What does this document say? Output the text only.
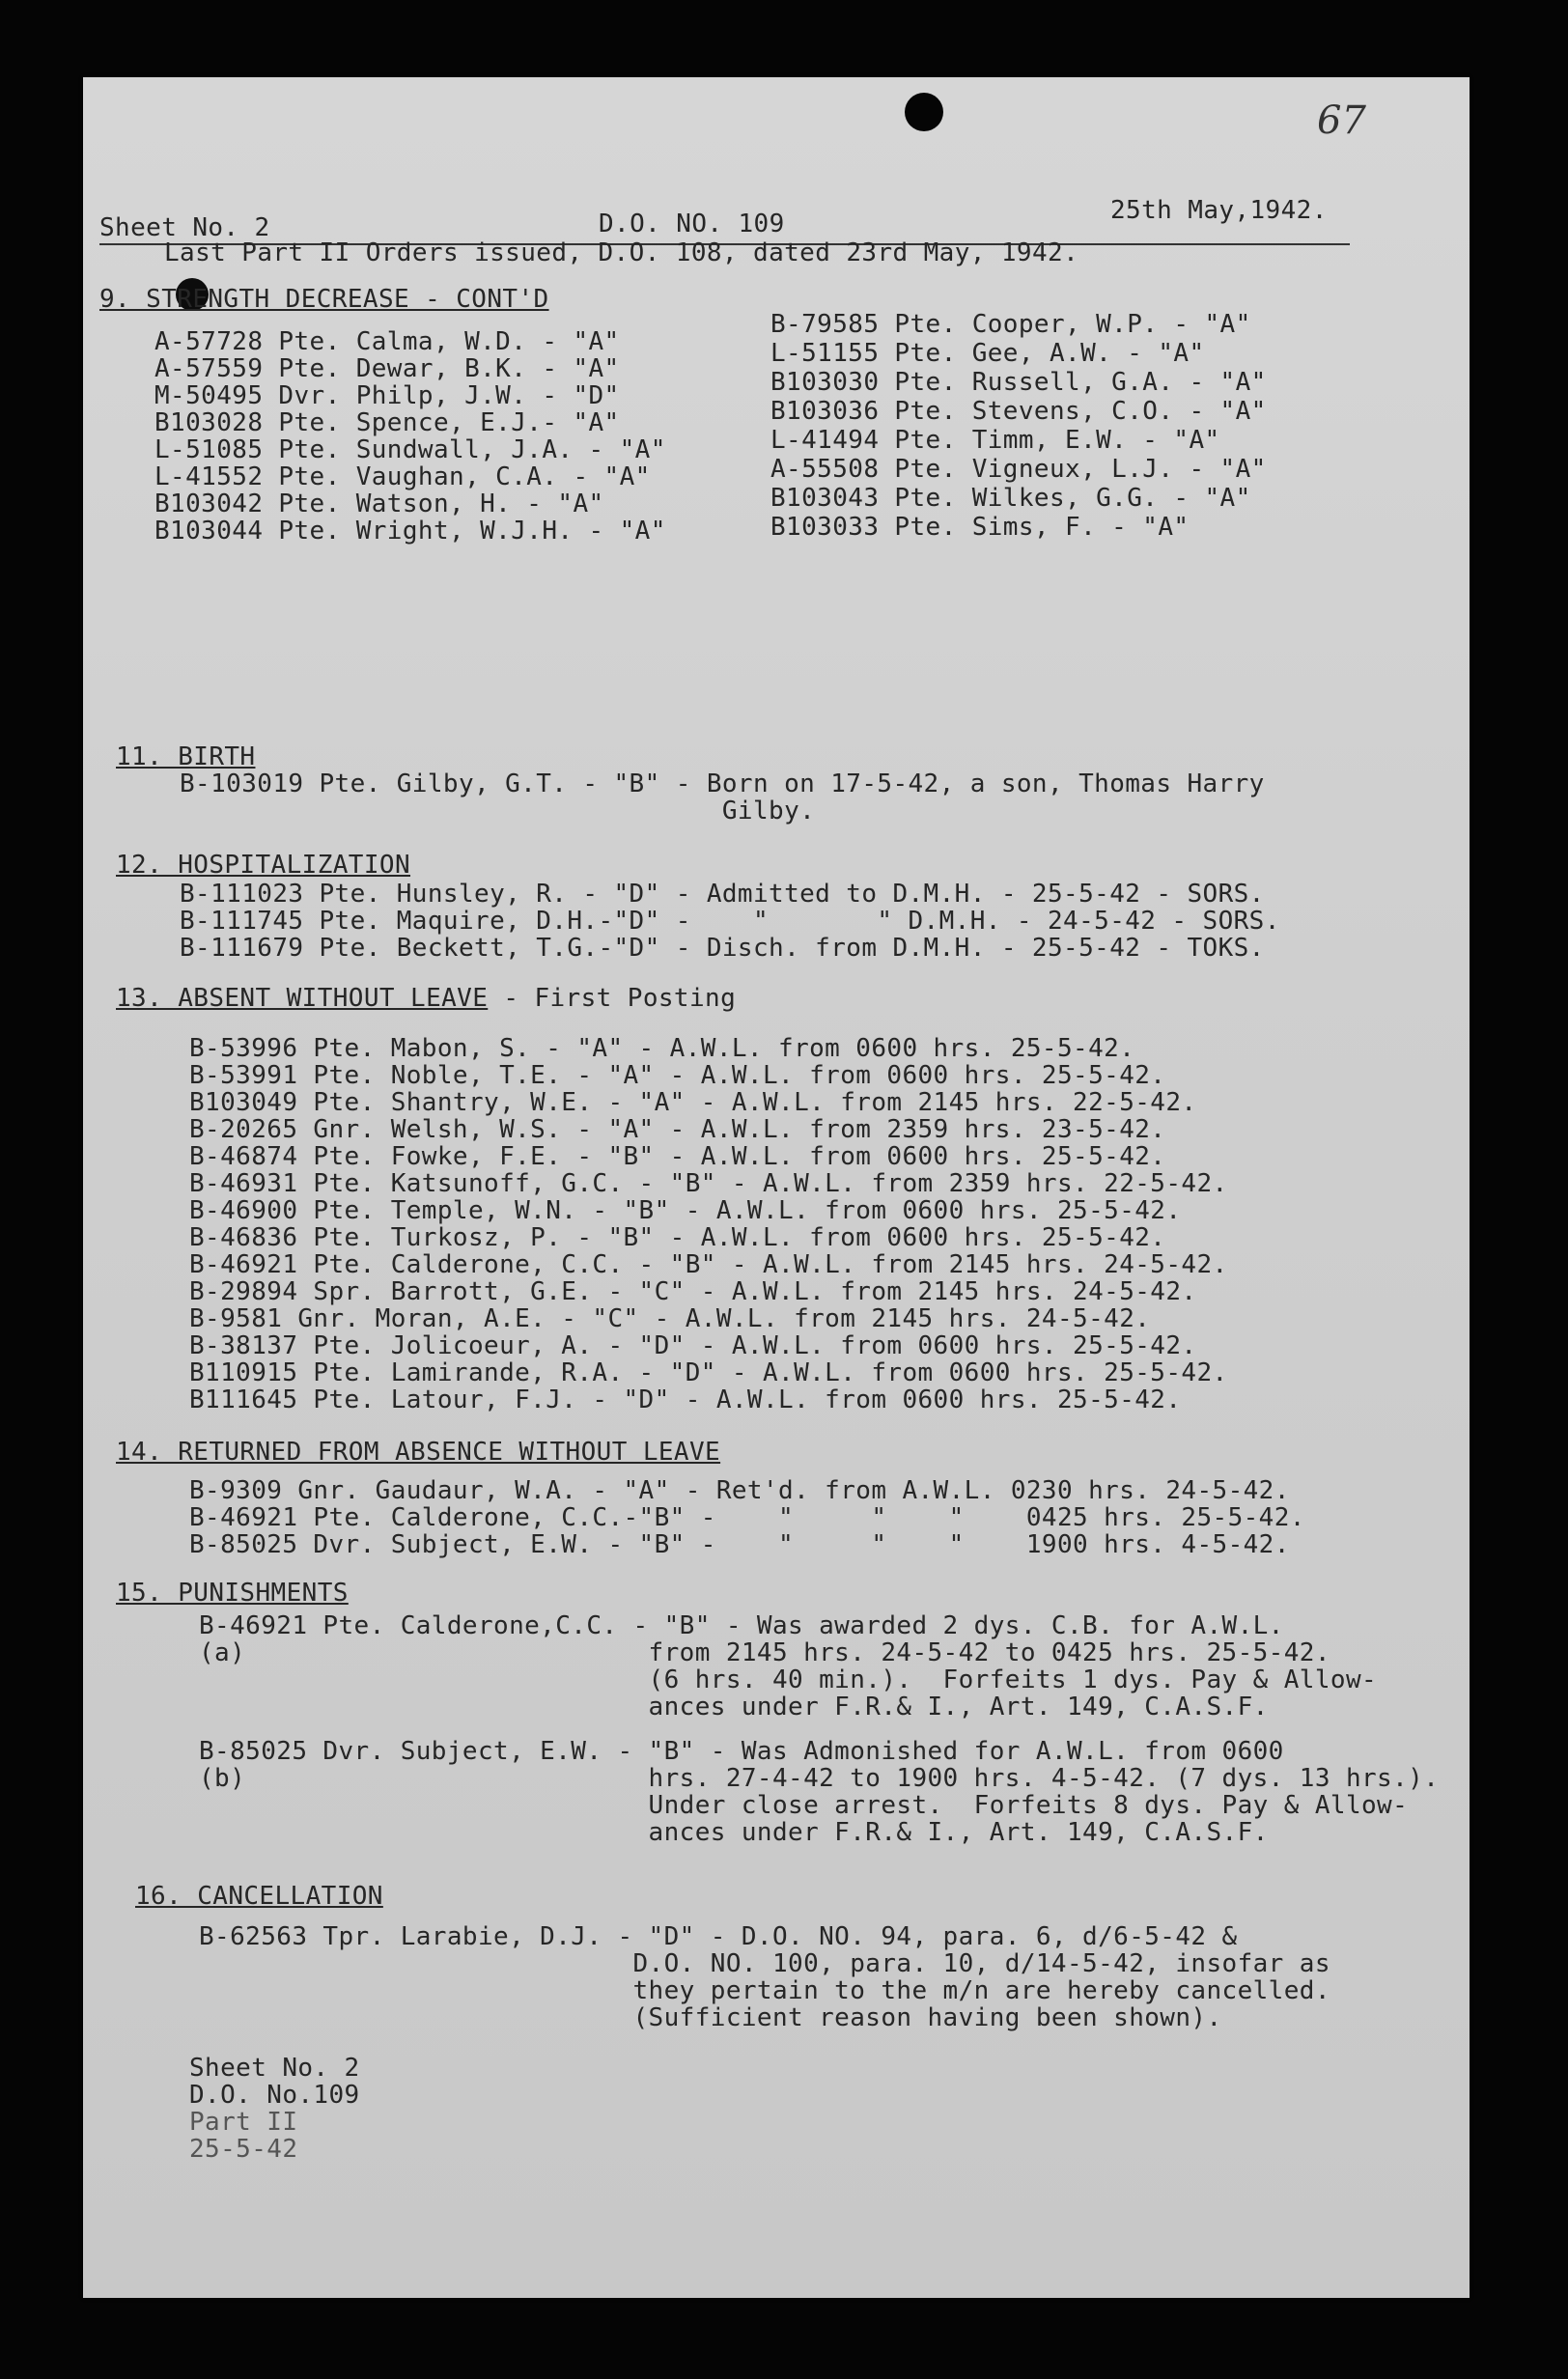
67
Sheet No. 2	D.O. NO. 109	25th May,1942.
Last Part II Orders issued, D.O. 108, dated 23rd May, 1942.
9. STRENGTH DECREASE - CONT'D
A-57728 Pte. Calma, W.D. - "A"
A-57559 Pte. Dewar, B.K. - "A"
M-50495 Dvr. Philp, J.W. - "D"
B103028 Pte. Spence, E.J.- "A"
L-51085 Pte. Sundwall, J.A. - "A"
L-41552 Pte. Vaughan, C.A. - "A"
B103042 Pte. Watson, H. - "A"
B103044 Pte. Wright, W.J.H. - "A"
B-79585 Pte. Cooper, W.P. - "A"
L-51155 Pte. Gee, A.W. - "A"
B103030 Pte. Russell, G.A. - "A"
B103036 Pte. Stevens, C.O. - "A"
L-41494 Pte. Timm, E.W. - "A"
A-55508 Pte. Vigneux, L.J. - "A"
B103043 Pte. Wilkes, G.G. - "A"
B103033 Pte. Sims, F. - "A"
11. BIRTH
B-103019 Pte. Gilby, G.T. - "B" - Born on 17-5-42, a son, Thomas Harry
Gilby.
12. HOSPITALIZATION
B-111023 Pte. Hunsley, R. - "D" - Admitted to D.M.H. - 25-5-42 - SORS.
B-111745 Pte. Maquire, D.H.-"D" -    "       " D.M.H. - 24-5-42 - SORS.
B-111679 Pte. Beckett, T.G.-"D" - Disch. from D.M.H. - 25-5-42 - TOKS.
13. ABSENT WITHOUT LEAVE - First Posting
B-53996 Pte. Mabon, S. - "A" - A.W.L. from 0600 hrs. 25-5-42.
B-53991 Pte. Noble, T.E. - "A" - A.W.L. from 0600 hrs. 25-5-42.
B103049 Pte. Shantry, W.E. - "A" - A.W.L. from 2145 hrs. 22-5-42.
B-20265 Gnr. Welsh, W.S. - "A" - A.W.L. from 2359 hrs. 23-5-42.
B-46874 Pte. Fowke, F.E. - "B" - A.W.L. from 0600 hrs. 25-5-42.
B-46931 Pte. Katsunoff, G.C. - "B" - A.W.L. from 2359 hrs. 22-5-42.
B-46900 Pte. Temple, W.N. - "B" - A.W.L. from 0600 hrs. 25-5-42.
B-46836 Pte. Turkosz, P. - "B" - A.W.L. from 0600 hrs. 25-5-42.
B-46921 Pte. Calderone, C.C. - "B" - A.W.L. from 2145 hrs. 24-5-42.
B-29894 Spr. Barrott, G.E. - "C" - A.W.L. from 2145 hrs. 24-5-42.
B-9581 Gnr. Moran, A.E. - "C" - A.W.L. from 2145 hrs. 24-5-42.
B-38137 Pte. Jolicoeur, A. - "D" - A.W.L. from 0600 hrs. 25-5-42.
B110915 Pte. Lamirande, R.A. - "D" - A.W.L. from 0600 hrs. 25-5-42.
B111645 Pte. Latour, F.J. - "D" - A.W.L. from 0600 hrs. 25-5-42.
14. RETURNED FROM ABSENCE WITHOUT LEAVE
B-9309 Gnr. Gaudaur, W.A. - "A" - Ret'd. from A.W.L. 0230 hrs. 24-5-42.
B-46921 Pte. Calderone, C.C.-"B" -    "     "    "    0425 hrs. 25-5-42.
B-85025 Dvr. Subject, E.W. - "B" -    "     "    "    1900 hrs. 4-5-42.
15. PUNISHMENTS
B-46921 Pte. Calderone,C.C. - "B" - Was awarded 2 dys. C.B. for A.W.L.
(a)                          from 2145 hrs. 24-5-42 to 0425 hrs. 25-5-42.
(6 hrs. 40 min.).  Forfeits 1 dys. Pay & Allow-
ances under F.R.& I., Art. 149, C.A.S.F.
B-85025 Dvr. Subject, E.W. - "B" - Was Admonished for A.W.L. from 0600
(b)                          hrs. 27-4-42 to 1900 hrs. 4-5-42. (7 dys. 13 hrs.).
Under close arrest.  Forfeits 8 dys. Pay & Allow-
ances under F.R.& I., Art. 149, C.A.S.F.
16. CANCELLATION
B-62563 Tpr. Larabie, D.J. - "D" - D.O. NO. 94, para. 6, d/6-5-42 &
D.O. NO. 100, para. 10, d/14-5-42, insofar as
they pertain to the m/n are hereby cancelled.
(Sufficient reason having been shown).
Sheet No. 2
D.O. No.109
Part II
25-5-42
